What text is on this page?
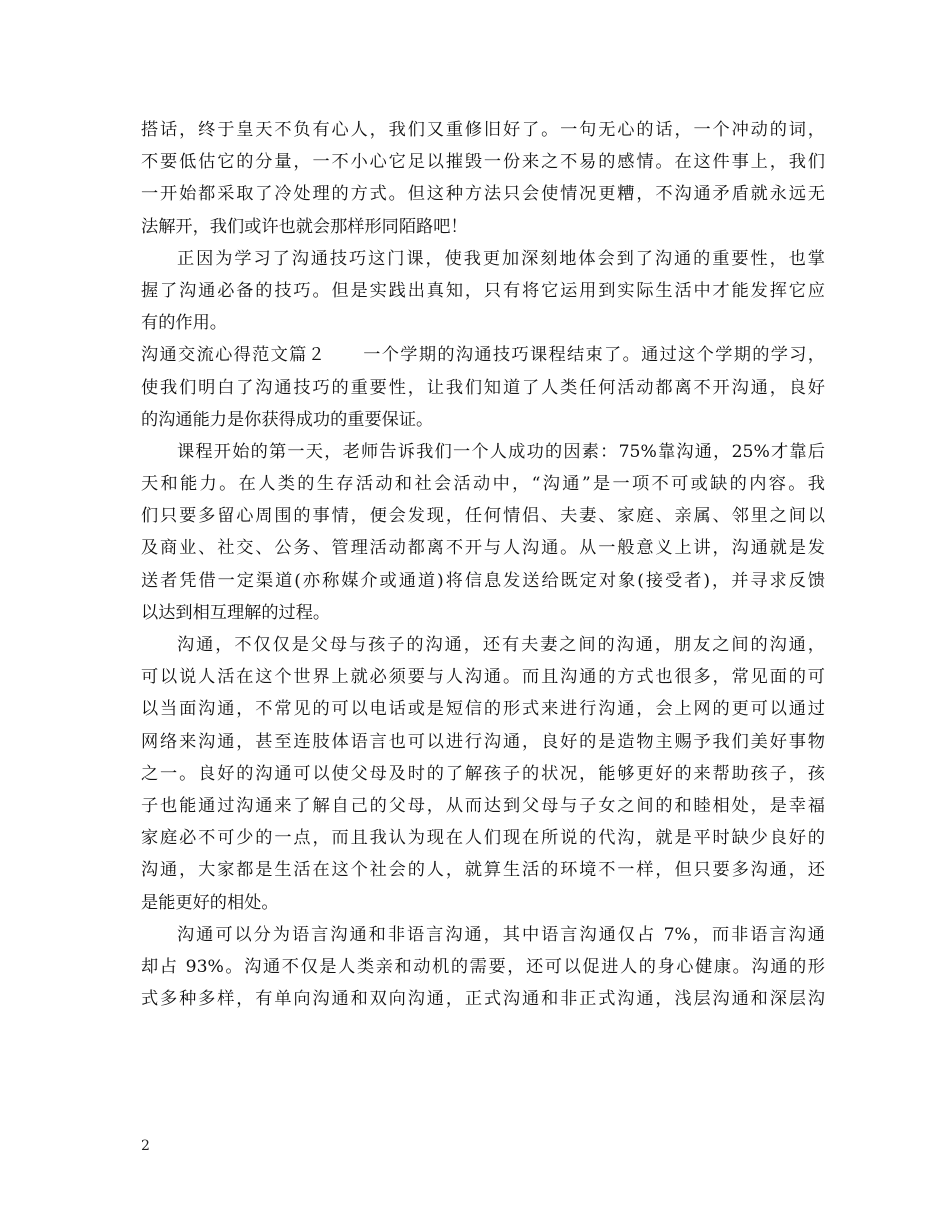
搭话，终于皇天不负有心人，我们又重修旧好了。一句无心的话，一个冲动的词，
不要低估它的分量，一不小心它足以摧毁一份来之不易的感情。在这件事上，我们
一开始都采取了冷处理的方式。但这种方法只会使情况更糟，不沟通矛盾就永远无
法解开，我们或许也就会那样形同陌路吧！
正因为学习了沟通技巧这门课，使我更加深刻地体会到了沟通的重要性，也掌
握了沟通必备的技巧。但是实践出真知，只有将它运用到实际生活中才能发挥它应
有的作用。
沟通交流心得范文篇２　　一个学期的沟通技巧课程结束了。通过这个学期的学习，
使我们明白了沟通技巧的重要性，让我们知道了人类任何活动都离不开沟通，良好
的沟通能力是你获得成功的重要保证。
课程开始的第一天，老师告诉我们一个人成功的因素：75%靠沟通，25%才靠后
天和能力。在人类的生存活动和社会活动中，“沟通”是一项不可或缺的内容。我
们只要多留心周围的事情，便会发现，任何情侣、夫妻、家庭、亲属、邻里之间以
及商业、社交、公务、管理活动都离不开与人沟通。从一般意义上讲，沟通就是发
送者凭借一定渠道(亦称媒介或通道)将信息发送给既定对象(接受者)，并寻求反馈
以达到相互理解的过程。
沟通，不仅仅是父母与孩子的沟通，还有夫妻之间的沟通，朋友之间的沟通，
可以说人活在这个世界上就必须要与人沟通。而且沟通的方式也很多，常见面的可
以当面沟通，不常见的可以电话或是短信的形式来进行沟通，会上网的更可以通过
网络来沟通，甚至连肢体语言也可以进行沟通，良好的是造物主赐予我们美好事物
之一。良好的沟通可以使父母及时的了解孩子的状况，能够更好的来帮助孩子，孩
子也能通过沟通来了解自己的父母，从而达到父母与子女之间的和睦相处，是幸福
家庭必不可少的一点，而且我认为现在人们现在所说的代沟，就是平时缺少良好的
沟通，大家都是生活在这个社会的人，就算生活的环境不一样，但只要多沟通，还
是能更好的相处。
沟通可以分为语言沟通和非语言沟通，其中语言沟通仅占 7%，而非语言沟通
却占 93%。沟通不仅是人类亲和动机的需要，还可以促进人的身心健康。沟通的形
式多种多样，有单向沟通和双向沟通，正式沟通和非正式沟通，浅层沟通和深层沟
2
